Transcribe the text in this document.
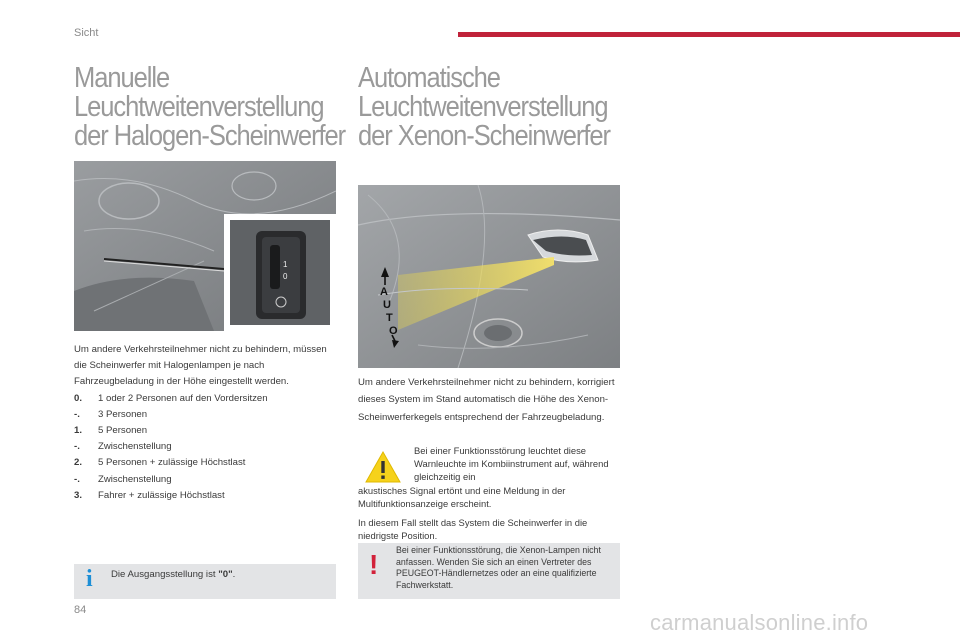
Sicht
Manuelle
Leuchtweitenverstellung
der Halogen-Scheinwerfer
Automatische
Leuchtweitenverstellung
der Xenon-Scheinwerfer
1
0
A
U
T
O
Um andere Verkehrsteilnehmer nicht zu behindern, müssen die Scheinwerfer mit Halogenlampen je nach Fahrzeugbeladung in der Höhe eingestellt werden.
0.	1 oder 2 Personen auf den Vordersitzen
-.	3 Personen
1.	5 Personen
-.	Zwischenstellung
2.	5 Personen + zulässige Höchstlast
-.	Zwischenstellung
3.	Fahrer + zulässige Höchstlast
i Die Ausgangsstellung ist "0".
Um andere Verkehrsteilnehmer nicht zu behindern, korrigiert dieses System im Stand automatisch die Höhe des Xenon-Scheinwerferkegels entsprechend der Fahrzeugbeladung.
Bei einer Funktionsstörung leuchtet diese Warnleuchte im Kombiinstrument auf, während gleichzeitig ein
akustisches Signal ertönt und eine Meldung in der Multifunktionsanzeige erscheint.
In diesem Fall stellt das System die Scheinwerfer in die niedrigste Position.
! Bei einer Funktionsstörung, die Xenon-Lampen nicht anfassen. Wenden Sie sich an einen Vertreter des PEUGEOT-Händlernetzes oder an eine qualifizierte Fachwerkstatt.
84	carmanualsonline.info
